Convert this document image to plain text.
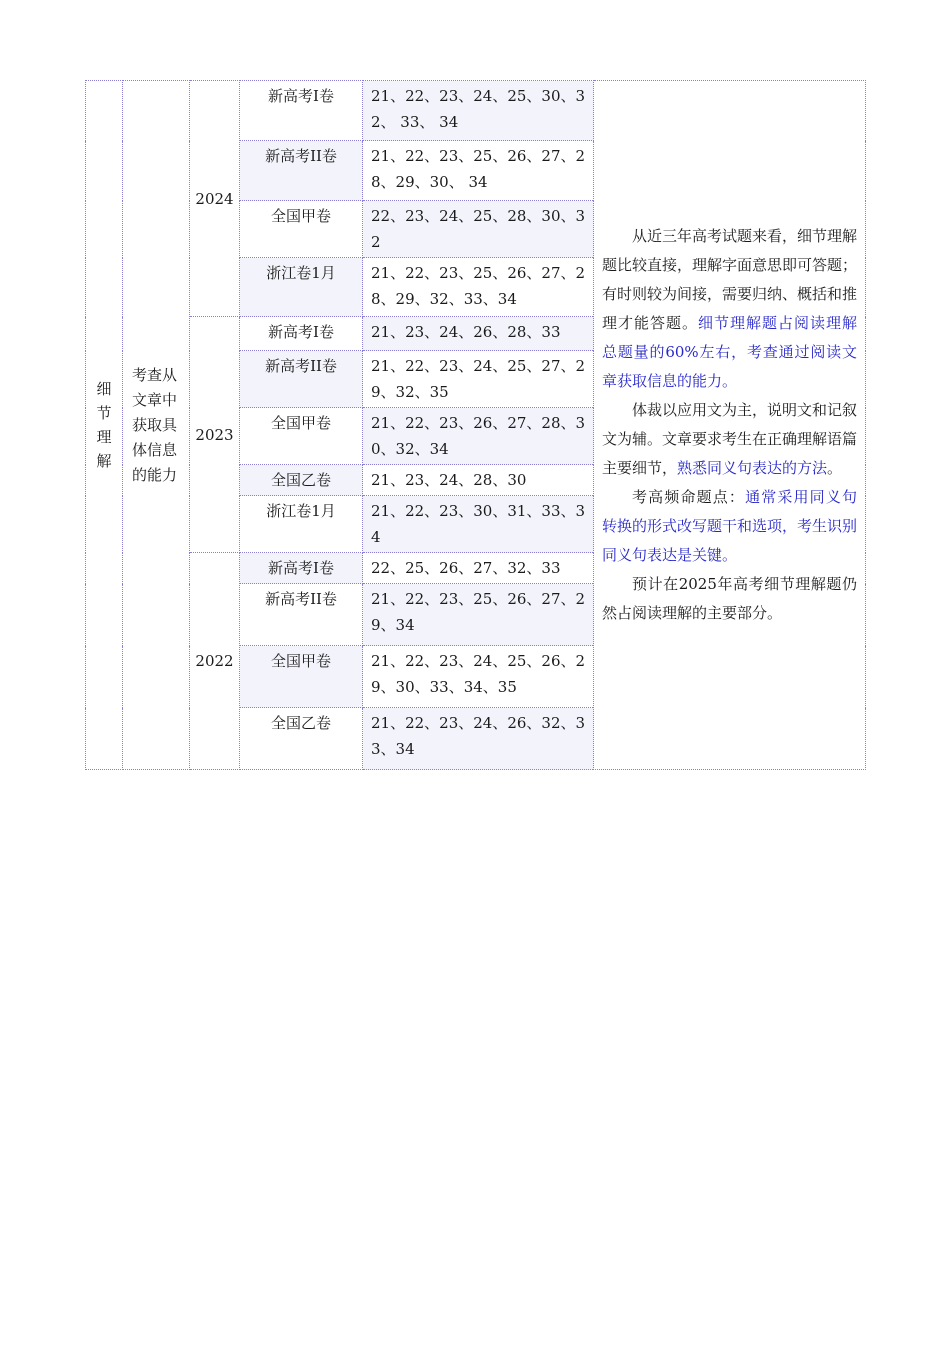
细节理解	考查从文章中获取具体信息的能力	2024	新高考I卷	21、22、23、24、25、30、32、 33、 34	从近三年高考试题来看，细节理解题比较直接，理解字面意思即可答题；有时则较为间接，需要归纳、概括和推理才能答题。细节理解题占阅读理解总题量的60%左右，考查通过阅读文章获取信息的能力。

体裁以应用文为主，说明文和记叙文为辅。文章要求考生在正确理解语篇主要细节，熟悉同义句表达的方法。

考高频命题点：通常采用同义句转换的形式改写题干和选项，考生识别同义句表达是关键。

预计在2025年高考细节理解题仍然占阅读理解的主要部分。

			新高考II卷	21、22、23、25、26、27、28、29、30、 34	
			全国甲卷	22、23、24、25、28、30、32	
			浙江卷1月	21、22、23、25、26、27、28、29、32、33、34	
		2023	新高考I卷	21、23、24、26、28、33	
			新高考II卷	21、22、23、24、25、27、29、32、35	
			全国甲卷	21、22、23、26、27、28、30、32、34	
			全国乙卷	21、23、24、28、30	
			浙江卷1月	21、22、23、30、31、33、34	
		2022	新高考I卷	22、25、26、27、32、33	
			新高考II卷	21、22、23、25、26、27、29、34	
			全国甲卷	21、22、23、24、25、26、29、30、33、34、35	
			全国乙卷	21、22、23、24、26、32、33、34	
